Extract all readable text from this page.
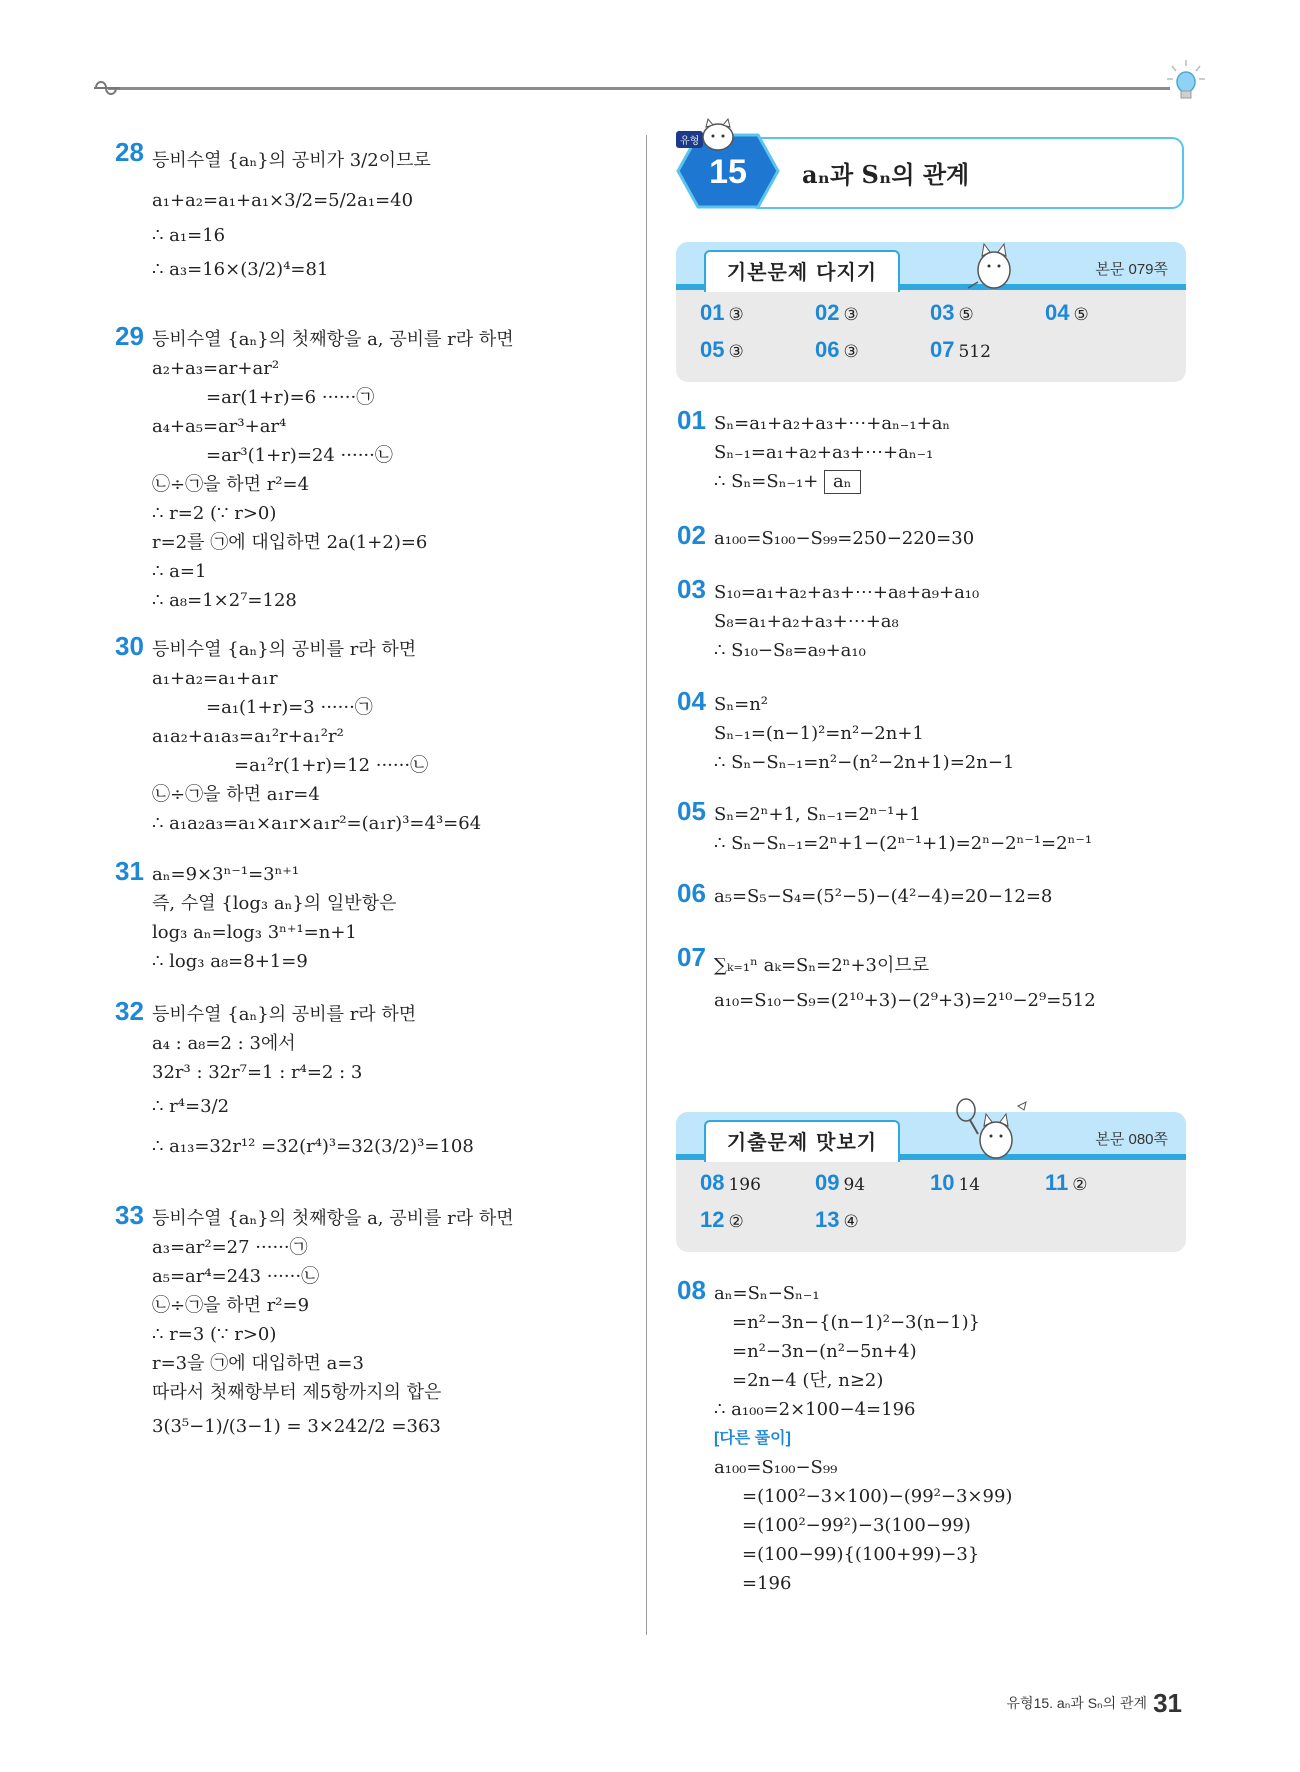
28 등비수열 {aₙ}의 공비가 3/2이므로
a₁+a₂=a₁+a₁×3/2=5/2a₁=40
∴ a₁=16
∴ a₃=16×(3/2)⁴=81
29 등비수열 {aₙ}의 첫째항을 a, 공비를 r라 하면
a₂+a₃=ar+ar²
=ar(1+r)=6 ······㉠
a₄+a₅=ar³+ar⁴
=ar³(1+r)=24 ······㉡
㉡÷㉠을 하면 r²=4
∴ r=2 (∵ r>0)
r=2를 ㉠에 대입하면 2a(1+2)=6
∴ a=1
∴ a₈=1×2⁷=128
30 등비수열 {aₙ}의 공비를 r라 하면
a₁+a₂=a₁+a₁r
=a₁(1+r)=3 ······㉠
a₁a₂+a₁a₃=a₁²r+a₁²r²
=a₁²r(1+r)=12 ······㉡
㉡÷㉠을 하면 a₁r=4
∴ a₁a₂a₃=a₁×a₁r×a₁r²=(a₁r)³=4³=64
31 aₙ=9×3ⁿ⁻¹=3ⁿ⁺¹
즉, 수열 {log₃ aₙ}의 일반항은
log₃ aₙ=log₃ 3ⁿ⁺¹=n+1
∴ log₃ a₈=8+1=9
32 등비수열 {aₙ}의 공비를 r라 하면
a₄ : a₈=2 : 3에서
32r³ : 32r⁷=1 : r⁴=2 : 3
∴ r⁴=3/2
∴ a₁₃=32r¹² =32(r⁴)³=32(3/2)³=108
33 등비수열 {aₙ}의 첫째항을 a, 공비를 r라 하면
a₃=ar²=27 ······㉠
a₅=ar⁴=243 ······㉡
㉡÷㉠을 하면 r²=9
∴ r=3 (∵ r>0)
r=3을 ㉠에 대입하면 a=3
따라서 첫째항부터 제5항까지의 합은
3(3⁵−1)/(3−1) = 3×242/2 =363
15
유형
aₙ과 Sₙ의 관계
기본문제 다지기	본문 079쪽
01 ③	02 ③	03 ⑤	04 ⑤
05 ③	06 ③	07 512
01 Sₙ=a₁+a₂+a₃+⋯+aₙ₋₁+aₙ
Sₙ₋₁=a₁+a₂+a₃+⋯+aₙ₋₁
∴ Sₙ=Sₙ₋₁+ aₙ
02 a₁₀₀=S₁₀₀−S₉₉=250−220=30
03 S₁₀=a₁+a₂+a₃+⋯+a₈+a₉+a₁₀
S₈=a₁+a₂+a₃+⋯+a₈
∴ S₁₀−S₈=a₉+a₁₀
04 Sₙ=n²
Sₙ₋₁=(n−1)²=n²−2n+1
∴ Sₙ−Sₙ₋₁=n²−(n²−2n+1)=2n−1
05 Sₙ=2ⁿ+1, Sₙ₋₁=2ⁿ⁻¹+1
∴ Sₙ−Sₙ₋₁=2ⁿ+1−(2ⁿ⁻¹+1)=2ⁿ−2ⁿ⁻¹=2ⁿ⁻¹
06 a₅=S₅−S₄=(5²−5)−(4²−4)=20−12=8
07 ∑ₖ₌₁ⁿ aₖ=Sₙ=2ⁿ+3이므로
a₁₀=S₁₀−S₉=(2¹⁰+3)−(2⁹+3)=2¹⁰−2⁹=512
기출문제 맛보기	본문 080쪽
08 196 09 94	10 14	11 ②
12 ②	13 ④
08 aₙ=Sₙ−Sₙ₋₁
=n²−3n−{(n−1)²−3(n−1)}
=n²−3n−(n²−5n+4)
=2n−4 (단, n≥2)
∴ a₁₀₀=2×100−4=196
[다른 풀이]
a₁₀₀=S₁₀₀−S₉₉
=(100²−3×100)−(99²−3×99)
=(100²−99²)−3(100−99)
=(100−99){(100+99)−3}
=196
유형15. aₙ과 Sₙ의 관계 31
